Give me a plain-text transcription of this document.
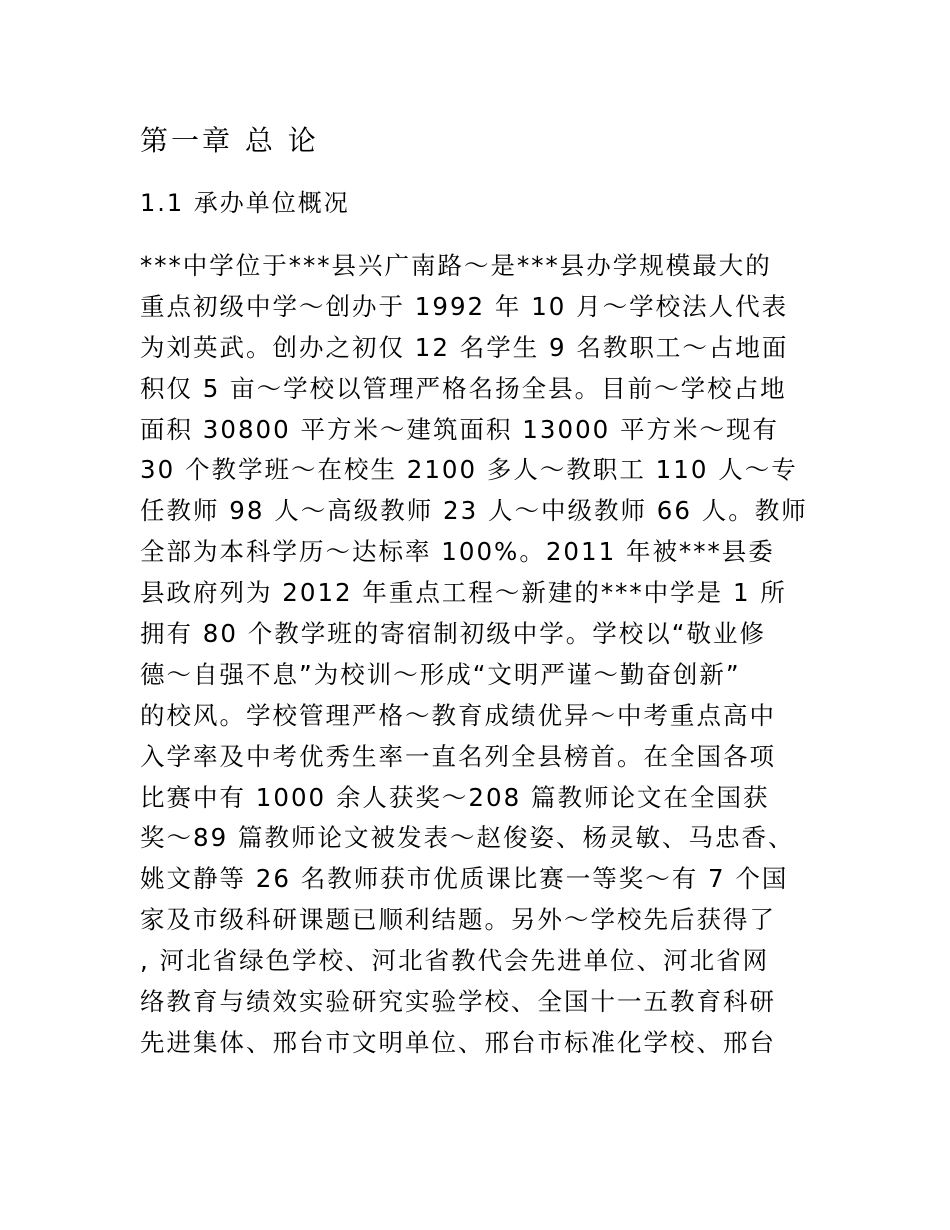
第一章 总 论
1.1 承办单位概况
***中学位于***县兴广南路～是***县办学规模最大的
重点初级中学～创办于 1992 年 10 月～学校法人代表
为刘英武。创办之初仅 12 名学生 9 名教职工～占地面
积仅 5 亩～学校以管理严格名扬全县。目前～学校占地
面积 30800 平方米～建筑面积 13000 平方米～现有
30 个教学班～在校生 2100 多人～教职工 110 人～专
任教师 98 人～高级教师 23 人～中级教师 66 人。教师
全部为本科学历～达标率 100%。2011 年被***县委
县政府列为 2012 年重点工程～新建的***中学是 1 所
拥有 80 个教学班的寄宿制初级中学。学校以“敬业修
德～自强不息”为校训～形成“文明严谨～勤奋创新”
的校风。学校管理严格～教育成绩优异～中考重点高中
入学率及中考优秀生率一直名列全县榜首。在全国各项
比赛中有 1000 余人获奖～208 篇教师论文在全国获
奖～89 篇教师论文被发表～赵俊姿、杨灵敏、马忠香、
姚文静等 26 名教师获市优质课比赛一等奖～有 7 个国
家及市级科研课题已顺利结题。另外～学校先后获得了
, 河北省绿色学校、河北省教代会先进单位、河北省网
络教育与绩效实验研究实验学校、全国十一五教育科研
先进集体、邢台市文明单位、邢台市标准化学校、邢台
